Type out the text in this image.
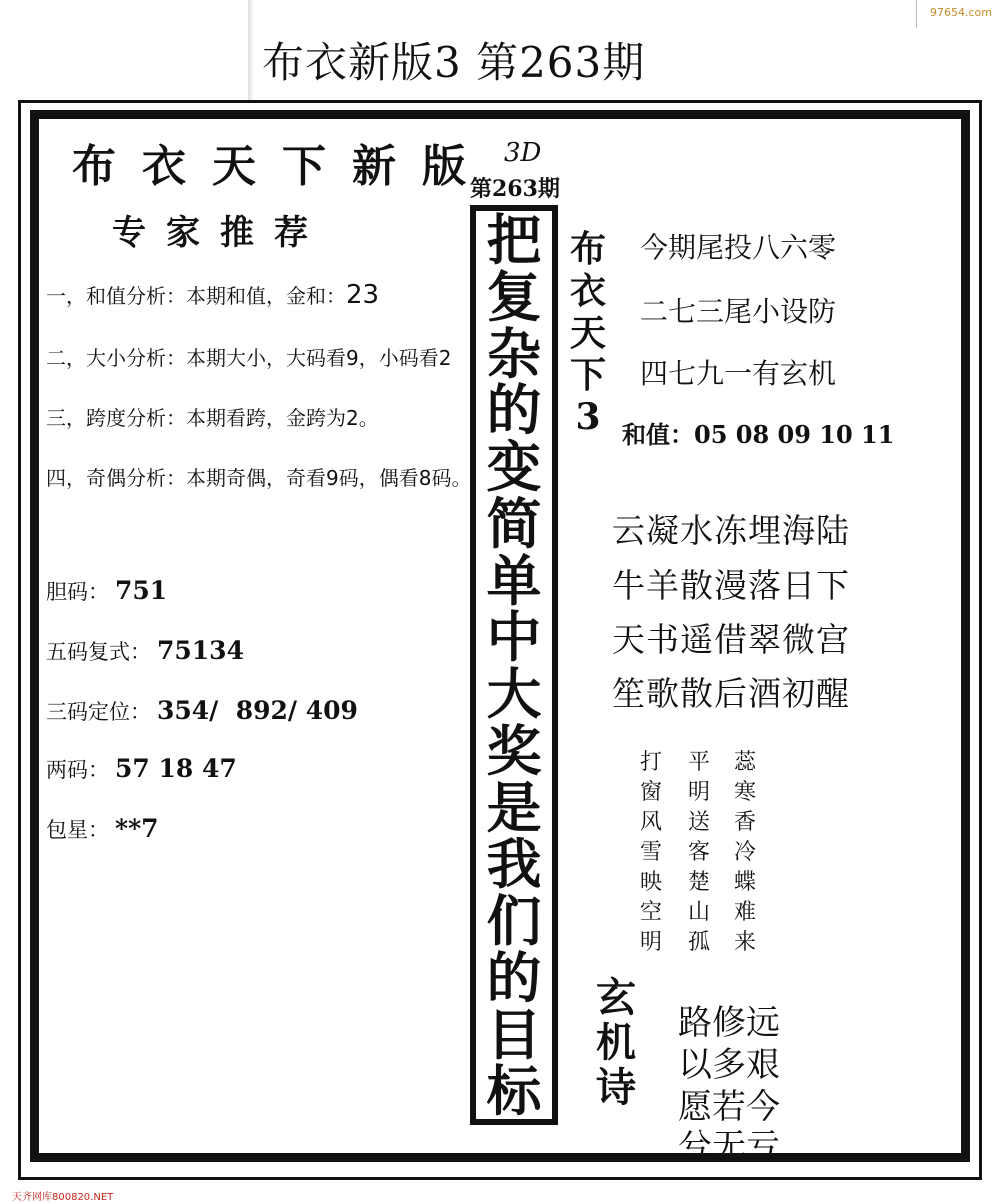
97654.com
布衣新版3 第263期
布衣天下新版
专家推荐
一，和值分析：本期和值，金和：23
二，大小分析：本期大小，大码看9，小码看2
三，跨度分析：本期看跨，金跨为2。
四，奇偶分析：本期奇偶，奇看9码，偶看8码。
胆码： 751
五码复式： 75134
三码定位： 354/  892/ 409
两码： 57 18 47
包星： **7
3D
第263期
把
复
杂
的
变
简
单
中
大
奖
是
我
们
的
目
标
布
衣
天
下
3
今期尾投八六零
二七三尾小设防
四七九一有玄机
和值：05 08 09 10 11
云凝水冻埋海陆
牛羊散漫落日下
天书遥借翠微宫
笙歌散后酒初醒
打
窗
风
雪
映
空
明
平
明
送
客
楚
山
孤
蕊
寒
香
冷
蝶
难
来
玄
机
诗
路修远
以多艰
愿若今
兮无亏
天齐网库800820.NET
